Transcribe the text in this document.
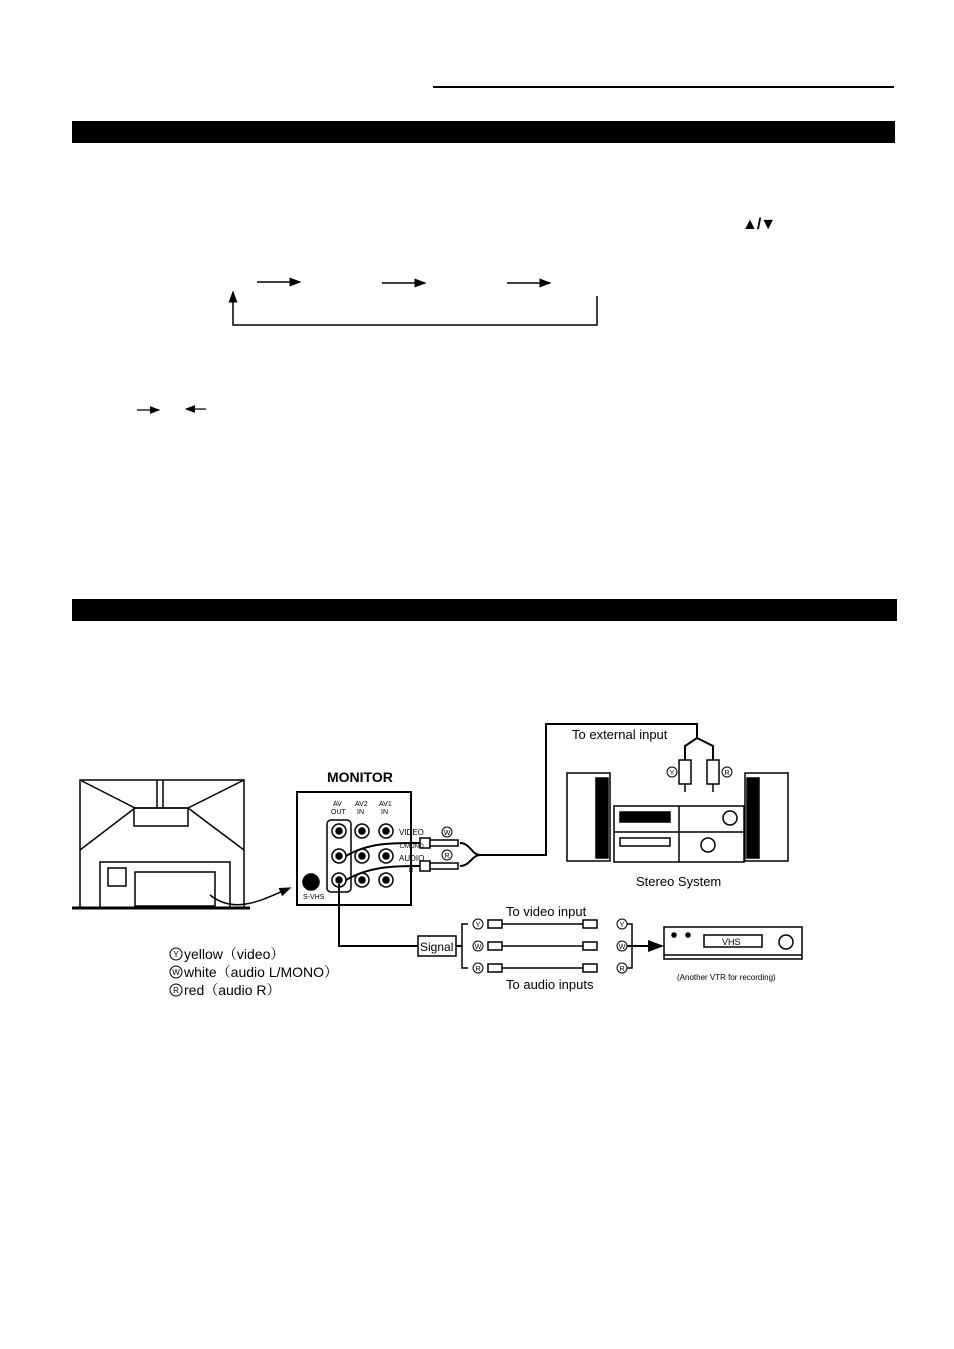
▲/▼
To external input
MONITOR
AV
OUT
AV2
IN
AV1
IN
VIDEO
L/MONO
AUDIO
R
S-VHS
W
R
Y	R
Y
W
R
Y
W
R
Stereo System
To video input
Signal
To audio inputs
VHS
(Another VTR for recording)
Y yellow（video）
W white（audio L/MONO）
R red（audio R）
